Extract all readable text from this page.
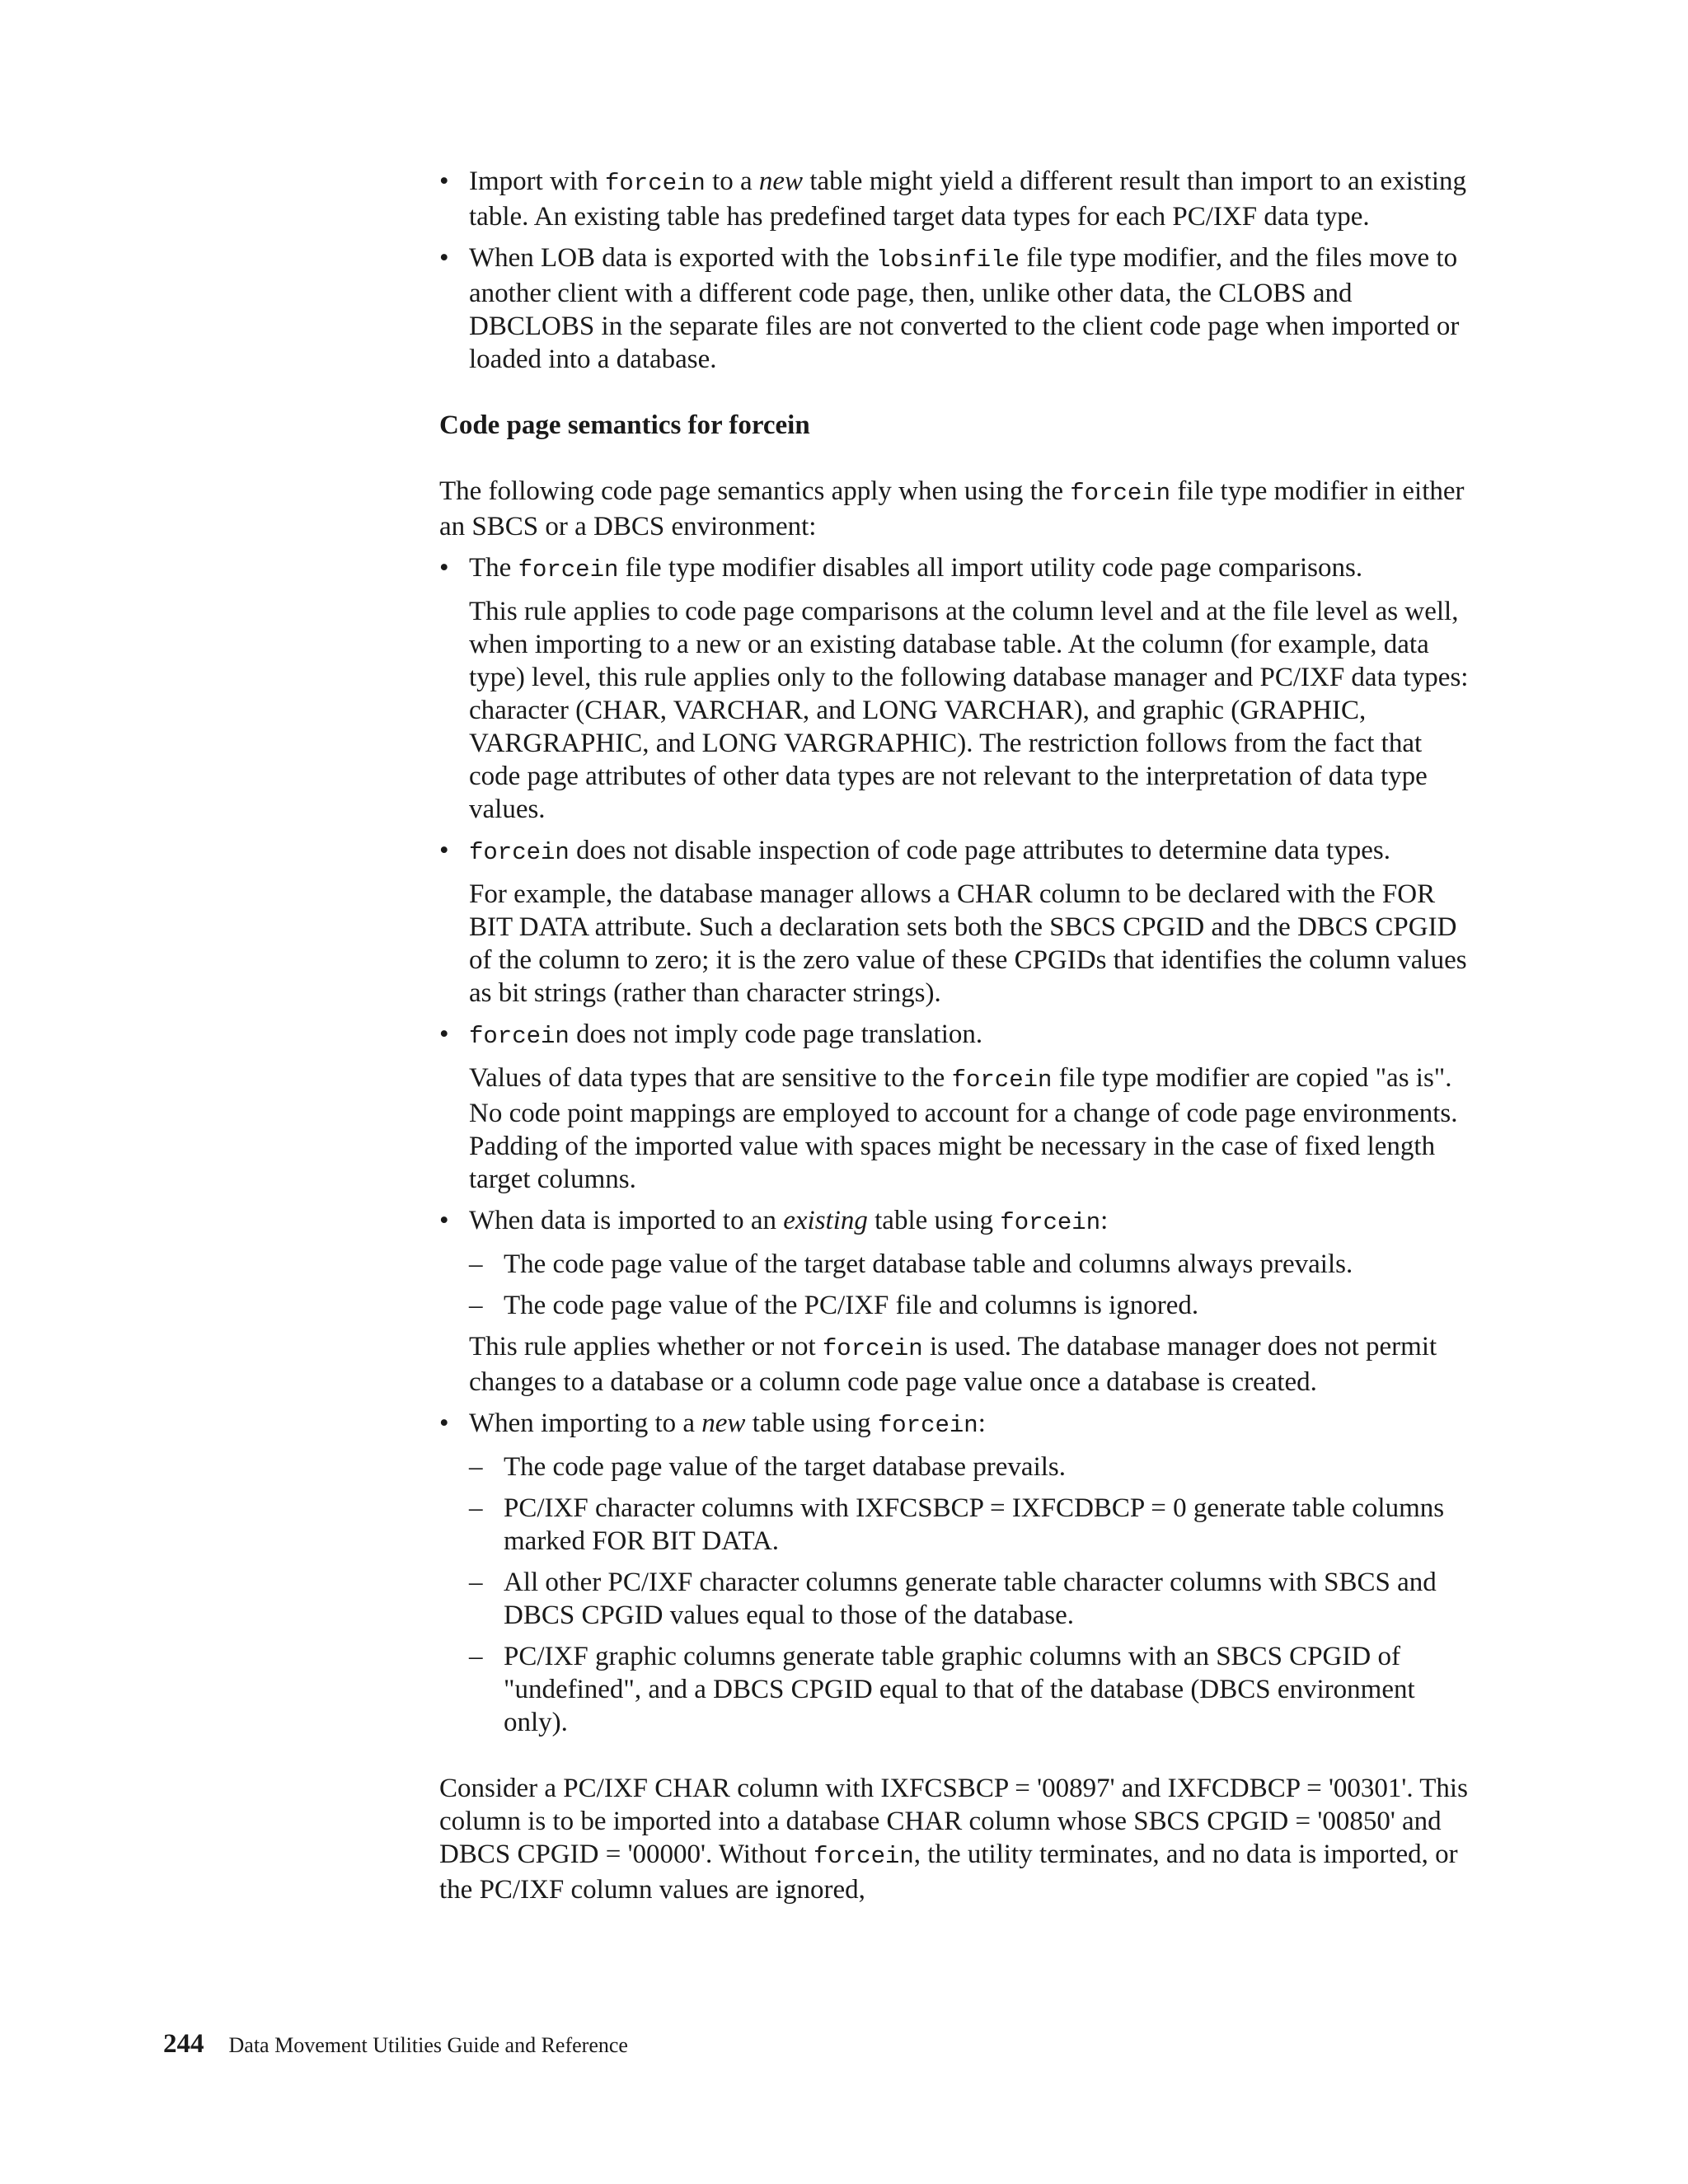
• Import with forcein to a new table might yield a different result than import to an existing table. An existing table has predefined target data types for each PC/IXF data type.
• When LOB data is exported with the lobsinfile file type modifier, and the files move to another client with a different code page, then, unlike other data, the CLOBS and DBCLOBS in the separate files are not converted to the client code page when imported or loaded into a database.
Code page semantics for forcein

The following code page semantics apply when using the forcein file type modifier in either an SBCS or a DBCS environment:

• The forcein file type modifier disables all import utility code page comparisons.

This rule applies to code page comparisons at the column level and at the file level as well, when importing to a new or an existing database table. At the column (for example, data type) level, this rule applies only to the following database manager and PC/IXF data types: character (CHAR, VARCHAR, and LONG VARCHAR), and graphic (GRAPHIC, VARGRAPHIC, and LONG VARGRAPHIC). The restriction follows from the fact that code page attributes of other data types are not relevant to the interpretation of data type values.

• forcein does not disable inspection of code page attributes to determine data types.

For example, the database manager allows a CHAR column to be declared with the FOR BIT DATA attribute. Such a declaration sets both the SBCS CPGID and the DBCS CPGID of the column to zero; it is the zero value of these CPGIDs that identifies the column values as bit strings (rather than character strings).

• forcein does not imply code page translation.

Values of data types that are sensitive to the forcein file type modifier are copied "as is". No code point mappings are employed to account for a change of code page environments. Padding of the imported value with spaces might be necessary in the case of fixed length target columns.

• When data is imported to an existing table using forcein:
– The code page value of the target database table and columns always prevails.
– The code page value of the PC/IXF file and columns is ignored.

This rule applies whether or not forcein is used. The database manager does not permit changes to a database or a column code page value once a database is created.

• When importing to a new table using forcein:
– The code page value of the target database prevails.
– PC/IXF character columns with IXFCSBCP = IXFCDBCP = 0 generate table columns marked FOR BIT DATA.
– All other PC/IXF character columns generate table character columns with SBCS and DBCS CPGID values equal to those of the database.
– PC/IXF graphic columns generate table graphic columns with an SBCS CPGID of "undefined", and a DBCS CPGID equal to that of the database (DBCS environment only).

Consider a PC/IXF CHAR column with IXFCSBCP = '00897' and IXFCDBCP = '00301'. This column is to be imported into a database CHAR column whose SBCS CPGID = '00850' and DBCS CPGID = '00000'. Without forcein, the utility terminates, and no data is imported, or the PC/IXF column values are ignored,

244 Data Movement Utilities Guide and Reference
